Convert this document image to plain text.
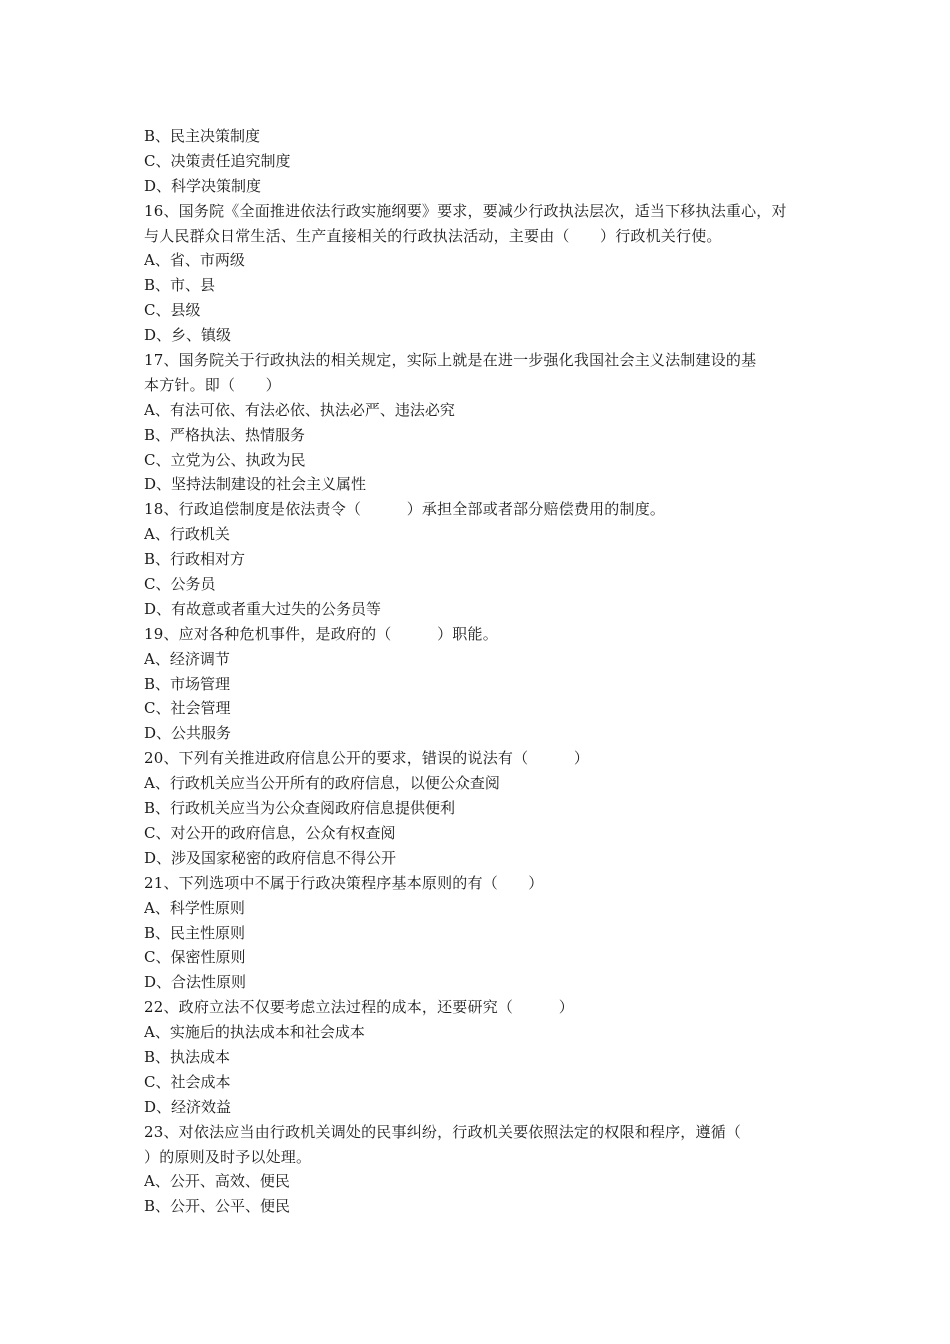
B、民主决策制度
C、决策责任追究制度
D、科学决策制度
16、国务院《全面推进依法行政实施纲要》要求，要减少行政执法层次，适当下移执法重心，对
与人民群众日常生活、生产直接相关的行政执法活动，主要由（　　）行政机关行使。
A、省、市两级
B、市、县
C、县级
D、乡、镇级
17、国务院关于行政执法的相关规定，实际上就是在进一步强化我国社会主义法制建设的基
本方针。即（　　）
A、有法可依、有法必依、执法必严、违法必究
B、严格执法、热情服务
C、立党为公、执政为民
D、坚持法制建设的社会主义属性
18、行政追偿制度是依法责令（　　　）承担全部或者部分赔偿费用的制度。
A、行政机关
B、行政相对方
C、公务员
D、有故意或者重大过失的公务员等
19、应对各种危机事件，是政府的（　　　）职能。
A、经济调节
B、市场管理
C、社会管理
D、公共服务
20、下列有关推进政府信息公开的要求，错误的说法有（　　　）
A、行政机关应当公开所有的政府信息，以便公众查阅
B、行政机关应当为公众查阅政府信息提供便利
C、对公开的政府信息，公众有权查阅
D、涉及国家秘密的政府信息不得公开
21、下列选项中不属于行政决策程序基本原则的有（　　）
A、科学性原则
B、民主性原则
C、保密性原则
D、合法性原则
22、政府立法不仅要考虑立法过程的成本，还要研究（　　　）
A、实施后的执法成本和社会成本
B、执法成本
C、社会成本
D、经济效益
23、对依法应当由行政机关调处的民事纠纷，行政机关要依照法定的权限和程序，遵循（
）的原则及时予以处理。
A、公开、高效、便民
B、公开、公平、便民
